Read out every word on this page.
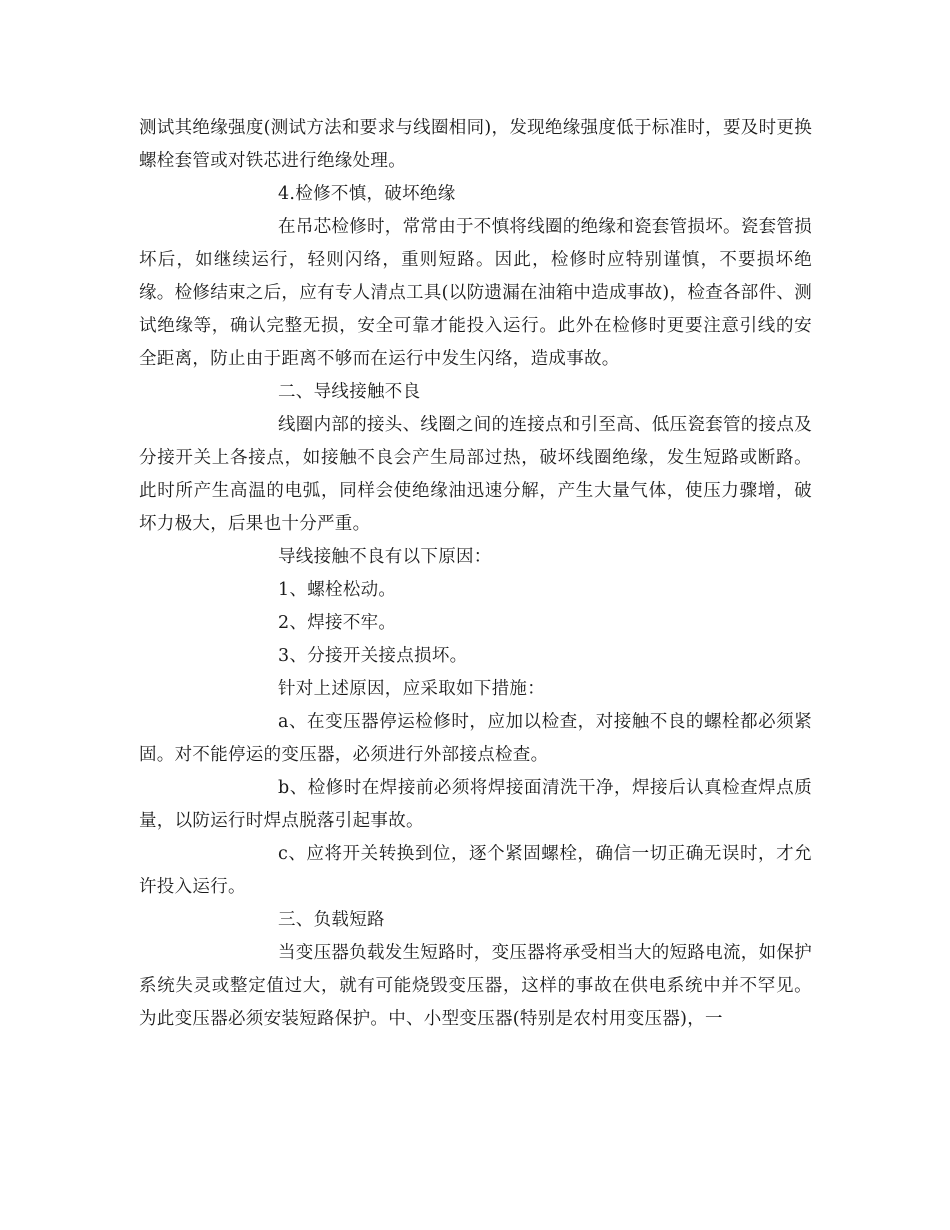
测试其绝缘强度(测试方法和要求与线圈相同)，发现绝缘强度低于标准时，要及时更换螺栓套管或对铁芯进行绝缘处理。

4.检修不慎，破坏绝缘

在吊芯检修时，常常由于不慎将线圈的绝缘和瓷套管损坏。瓷套管损坏后，如继续运行，轻则闪络，重则短路。因此，检修时应特别谨慎，不要损坏绝缘。检修结束之后，应有专人清点工具(以防遗漏在油箱中造成事故)，检查各部件、测试绝缘等，确认完整无损，安全可靠才能投入运行。此外在检修时更要注意引线的安全距离，防止由于距离不够而在运行中发生闪络，造成事故。

二、导线接触不良

线圈内部的接头、线圈之间的连接点和引至高、低压瓷套管的接点及分接开关上各接点，如接触不良会产生局部过热，破坏线圈绝缘，发生短路或断路。此时所产生高温的电弧，同样会使绝缘油迅速分解，产生大量气体，使压力骤增，破坏力极大，后果也十分严重。

导线接触不良有以下原因：

1、螺栓松动。

2、焊接不牢。

3、分接开关接点损坏。

针对上述原因，应采取如下措施：

a、在变压器停运检修时，应加以检查，对接触不良的螺栓都必须紧固。对不能停运的变压器，必须进行外部接点检查。

b、检修时在焊接前必须将焊接面清洗干净，焊接后认真检查焊点质量，以防运行时焊点脱落引起事故。

c、应将开关转换到位，逐个紧固螺栓，确信一切正确无误时，才允许投入运行。

三、负载短路

当变压器负载发生短路时，变压器将承受相当大的短路电流，如保护系统失灵或整定值过大，就有可能烧毁变压器，这样的事故在供电系统中并不罕见。为此变压器必须安装短路保护。中、小型变压器(特别是农村用变压器)，一
